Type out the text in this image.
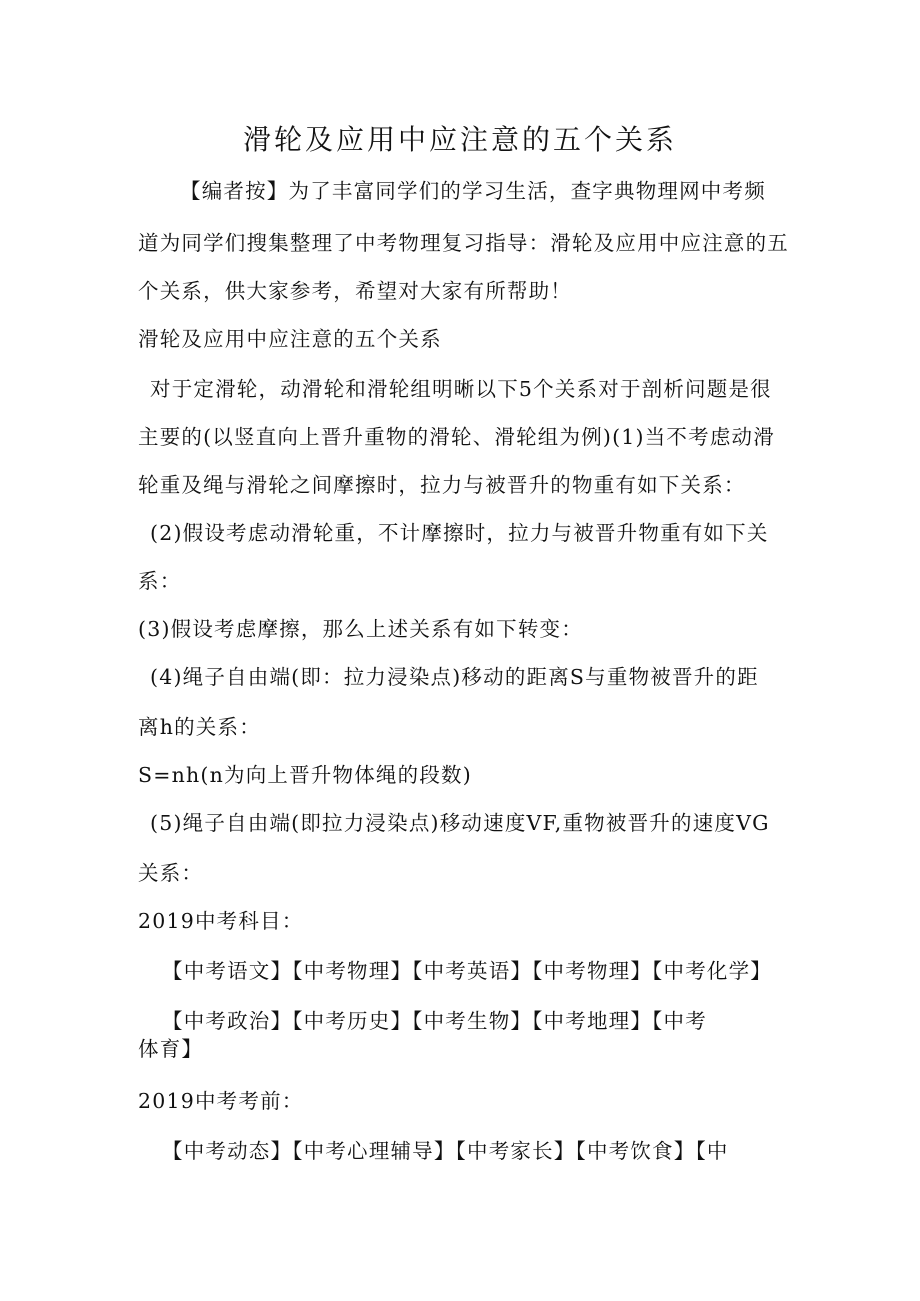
滑轮及应用中应注意的五个关系
【编者按】为了丰富同学们的学习生活，查字典物理网中考频
道为同学们搜集整理了中考物理复习指导：滑轮及应用中应注意的五
个关系，供大家参考，希望对大家有所帮助！
滑轮及应用中应注意的五个关系
对于定滑轮，动滑轮和滑轮组明晰以下5个关系对于剖析问题是很
主要的(以竖直向上晋升重物的滑轮、滑轮组为例)(1)当不考虑动滑
轮重及绳与滑轮之间摩擦时，拉力与被晋升的物重有如下关系：
(2)假设考虑动滑轮重，不计摩擦时，拉力与被晋升物重有如下关
系：
(3)假设考虑摩擦，那么上述关系有如下转变：
(4)绳子自由端(即：拉力浸染点)移动的距离S与重物被晋升的距
离h的关系：
S=nh(n为向上晋升物体绳的段数)
(5)绳子自由端(即拉力浸染点)移动速度VF,重物被晋升的速度VG
关系：
2019中考科目：
【中考语文】【中考物理】【中考英语】【中考物理】【中考化学】
【中考政治】【中考历史】【中考生物】【中考地理】【中考
体育】
2019中考考前：
【中考动态】【中考心理辅导】【中考家长】【中考饮食】【中
